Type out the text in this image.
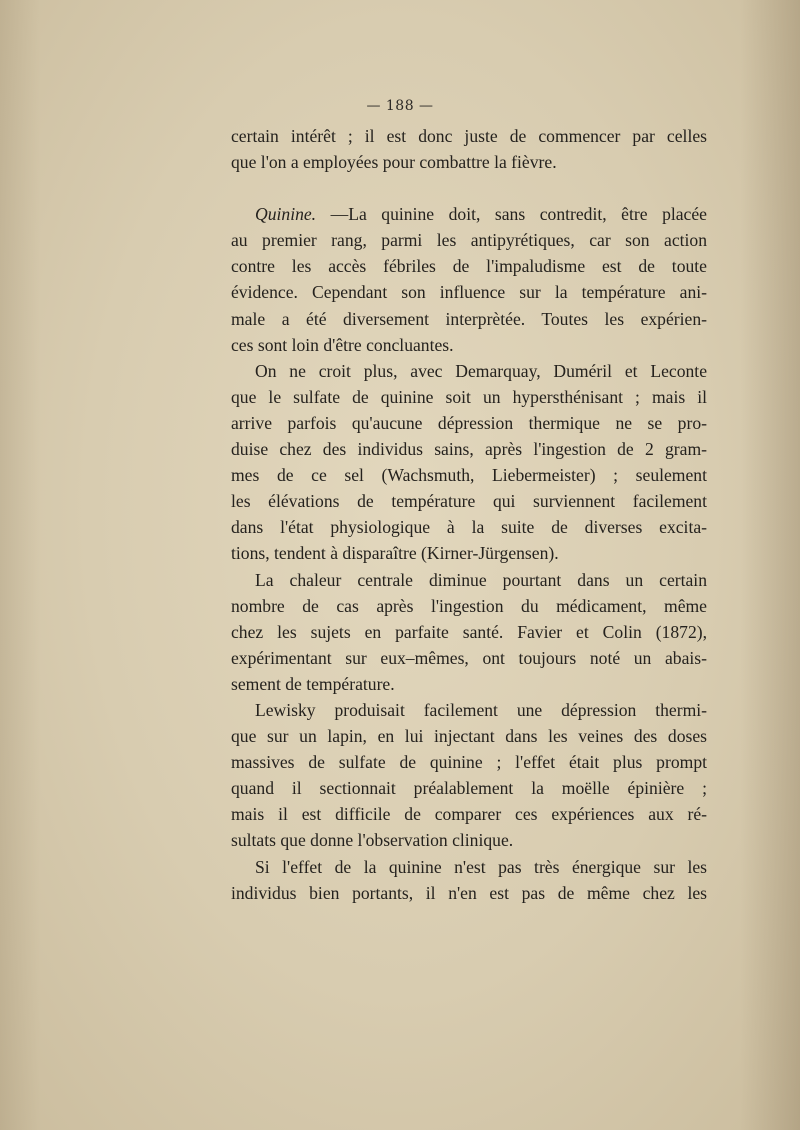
— 188 —
certain intérêt ; il est donc juste de commencer par celles
que l'on a employées pour combattre la fièvre.
Quinine. —La quinine doit, sans contredit, être placée
au premier rang, parmi les antipyrétiques, car son action
contre les accès fébriles de l'impaludisme est de toute
évidence. Cependant son influence sur la température ani-
male a été diversement interprètée. Toutes les expérien-
ces sont loin d'être concluantes.
On ne croit plus, avec Demarquay, Duméril et Leconte
que le sulfate de quinine soit un hypersthénisant ; mais il
arrive parfois qu'aucune dépression thermique ne se pro-
duise chez des individus sains, après l'ingestion de 2 gram-
mes de ce sel (Wachsmuth, Liebermeister) ; seulement
les élévations de température qui surviennent facilement
dans l'état physiologique à la suite de diverses excita-
tions, tendent à disparaître (Kirner-Jürgensen).
La chaleur centrale diminue pourtant dans un certain
nombre de cas après l'ingestion du médicament, même
chez les sujets en parfaite santé. Favier et Colin (1872),
expérimentant sur eux–mêmes, ont toujours noté un abais-
sement de température.
Lewisky produisait facilement une dépression thermi-
que sur un lapin, en lui injectant dans les veines des doses
massives de sulfate de quinine ; l'effet était plus prompt
quand il sectionnait préalablement la moëlle épinière ;
mais il est difficile de comparer ces expériences aux ré-
sultats que donne l'observation clinique.
Si l'effet de la quinine n'est pas très énergique sur les
individus bien portants, il n'en est pas de même chez les
